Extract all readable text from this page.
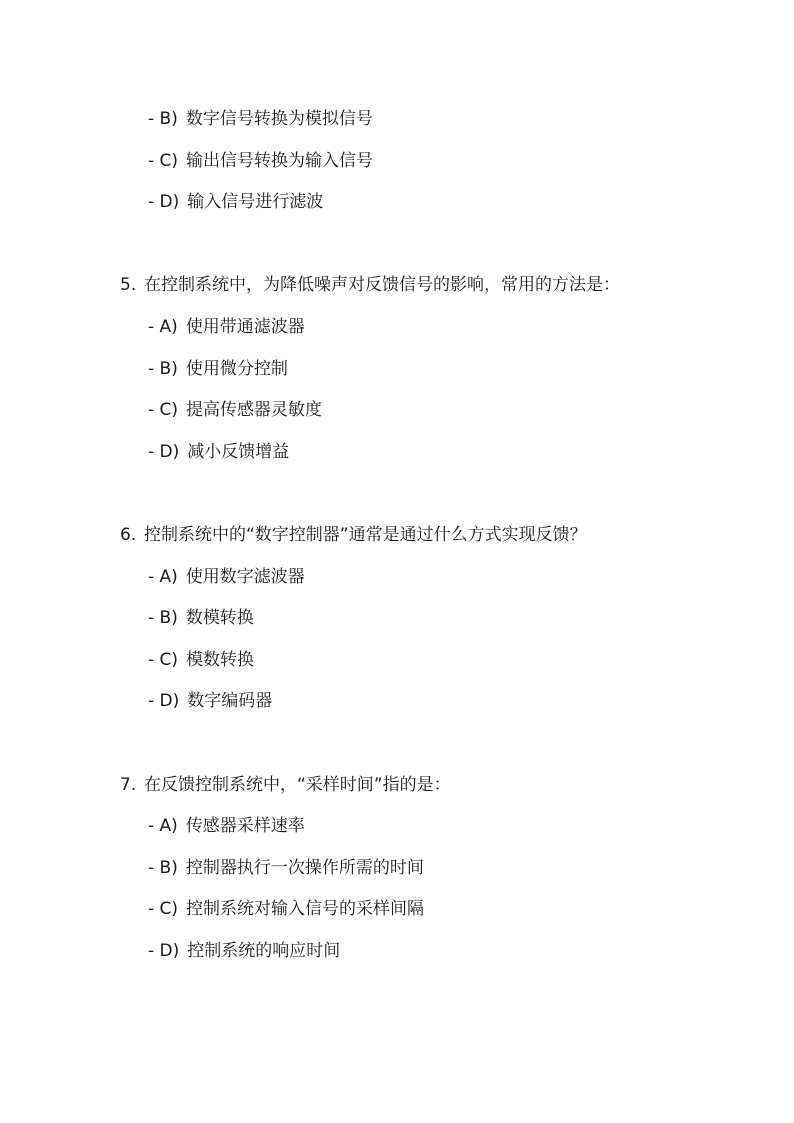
- B) 数字信号转换为模拟信号
- C) 输出信号转换为输入信号
- D) 输入信号进行滤波
5. 在控制系统中，为降低噪声对反馈信号的影响，常用的方法是：
- A) 使用带通滤波器
- B) 使用微分控制
- C) 提高传感器灵敏度
- D) 减小反馈增益
6. 控制系统中的“数字控制器”通常是通过什么方式实现反馈？
- A) 使用数字滤波器
- B) 数模转换
- C) 模数转换
- D) 数字编码器
7. 在反馈控制系统中，“采样时间”指的是：
- A) 传感器采样速率
- B) 控制器执行一次操作所需的时间
- C) 控制系统对输入信号的采样间隔
- D) 控制系统的响应时间
